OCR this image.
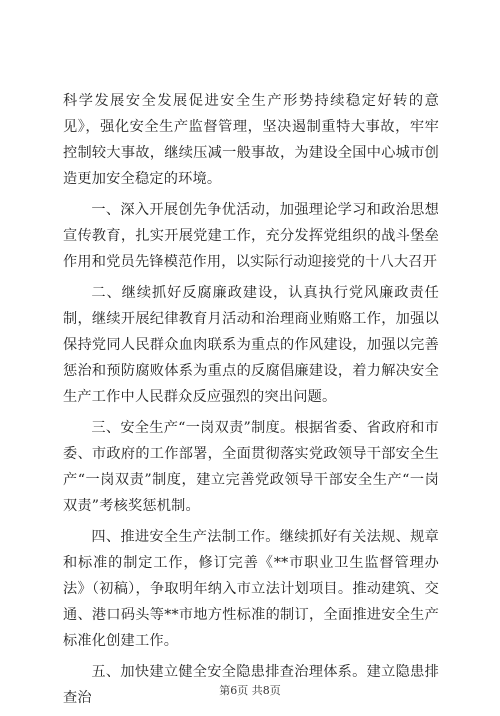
科学发展安全发展促进安全生产形势持续稳定好转的意见》，强化安全生产监督管理，坚决遏制重特大事故，牢牢控制较大事故，继续压减一般事故，为建设全国中心城市创造更加安全稳定的环境。

一、深入开展创先争优活动，加强理论学习和政治思想宣传教育，扎实开展党建工作，充分发挥党组织的战斗堡垒作用和党员先锋模范作用，以实际行动迎接党的十八大召开

二、继续抓好反腐廉政建设，认真执行党风廉政责任制，继续开展纪律教育月活动和治理商业贿赂工作，加强以保持党同人民群众血肉联系为重点的作风建设，加强以完善惩治和预防腐败体系为重点的反腐倡廉建设，着力解决安全生产工作中人民群众反应强烈的突出问题。

三、安全生产“一岗双责”制度。根据省委、省政府和市委、市政府的工作部署，全面贯彻落实党政领导干部安全生产“一岗双责”制度，建立完善党政领导干部安全生产“一岗双责”考核奖惩机制。

四、推进安全生产法制工作。继续抓好有关法规、规章和标准的制定工作，修订完善《**市职业卫生监督管理办法》（初稿），争取明年纳入市立法计划项目。推动建筑、交通、港口码头等**市地方性标准的制订，全面推进安全生产标准化创建工作。

五、加快建立健全安全隐患排查治理体系。建立隐患排查治	第6页 共8页
